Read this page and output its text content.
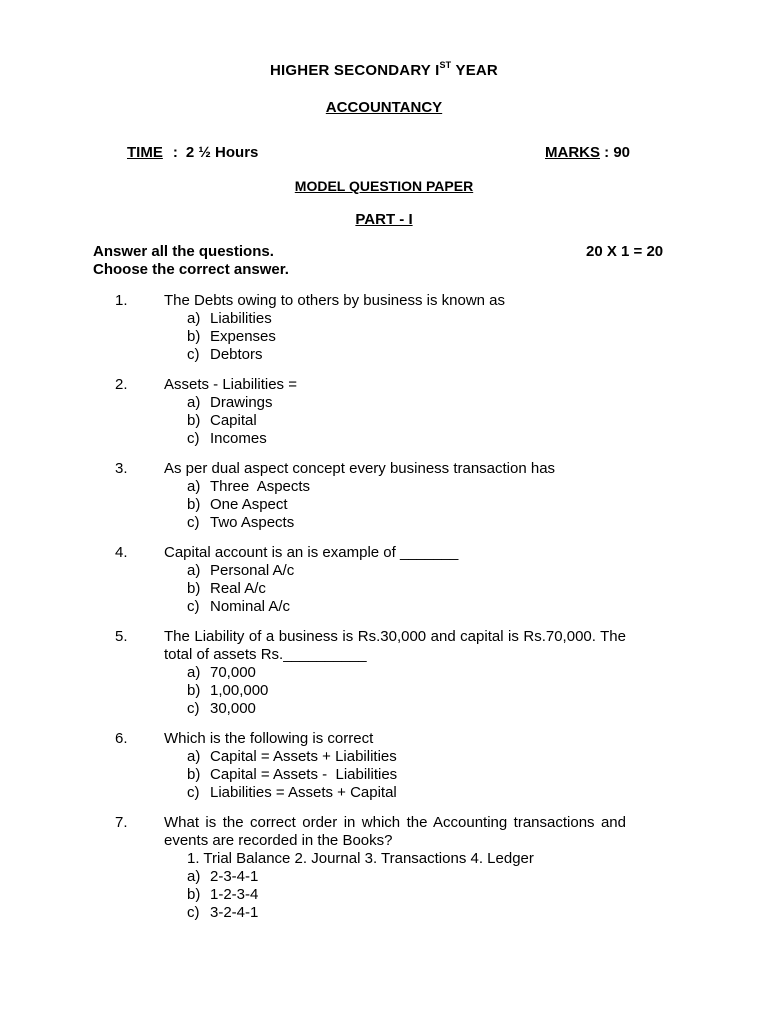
HIGHER SECONDARY IST YEAR
ACCOUNTANCY
TIME : 2 ½ Hours	MARKS : 90
MODEL QUESTION PAPER
PART - I
Answer all the questions.
Choose the correct answer.
20 X 1 = 20
1. The Debts owing to others by business is known as
a) Liabilities
b) Expenses
c) Debtors
2. Assets - Liabilities =
a) Drawings
b) Capital
c) Incomes
3. As per dual aspect concept every business transaction has
a) Three  Aspects
b) One Aspect
c) Two Aspects
4. Capital account is an is example of _______
a) Personal A/c
b) Real A/c
c) Nominal A/c
5. The Liability of a business is Rs.30,000 and capital is Rs.70,000. The total of assets Rs.__________
a) 70,000
b) 1,00,000
c) 30,000
6. Which is the following is correct
a) Capital = Assets + Liabilities
b) Capital = Assets -  Liabilities
c) Liabilities = Assets + Capital
7. What is the correct order in which the Accounting transactions and events are recorded in the Books?
1. Trial Balance 2. Journal 3. Transactions 4. Ledger
a) 2-3-4-1
b) 1-2-3-4
c) 3-2-4-1
